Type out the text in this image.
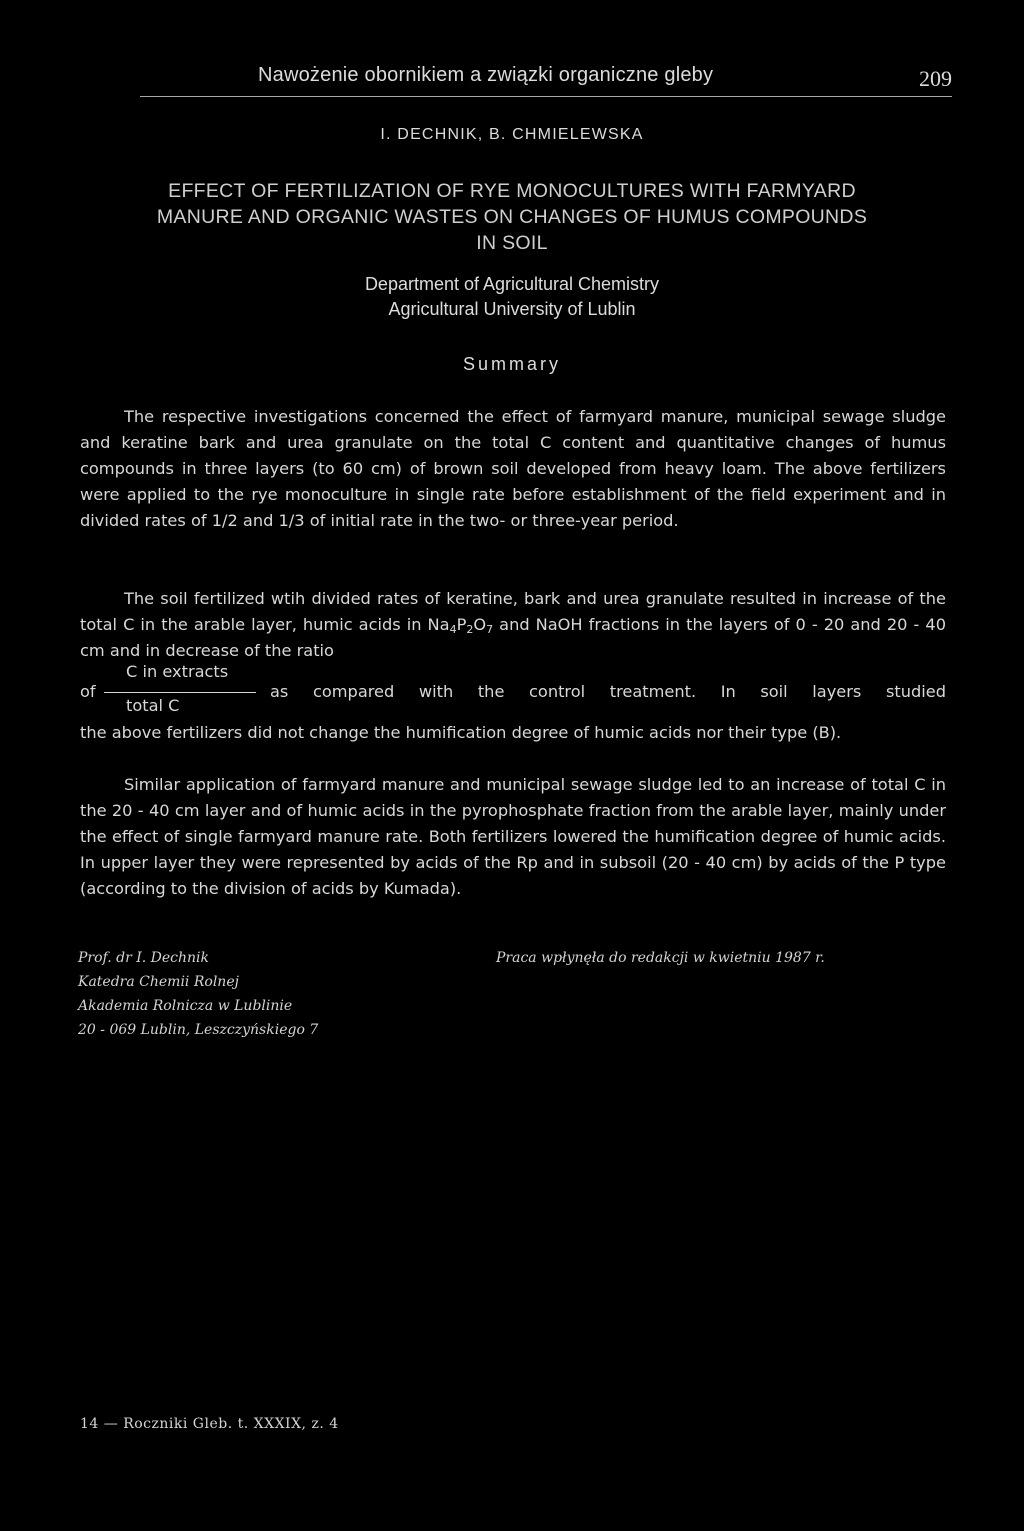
Nawożenie obornikiem a związki organiczne gleby	209
I. DECHNIK, B. CHMIELEWSKA
EFFECT OF FERTILIZATION OF RYE MONOCULTURES WITH FARMYARD
MANURE AND ORGANIC WASTES ON CHANGES OF HUMUS COMPOUNDS
IN SOIL
Department of Agricultural Chemistry
Agricultural University of Lublin
Summary

The respective investigations concerned the effect of farmyard manure, municipal sewage sludge and keratine bark and urea granulate on the total C content and quantitative changes of humus compounds in three layers (to 60 cm) of brown soil developed from heavy loam. The above fertilizers were applied to the rye monoculture in single rate before establishment of the field experiment and in divided rates of 1/2 and 1/3 of initial rate in the two- or three-year period.

The soil fertilized wtih divided rates of keratine, bark and urea granulate resulted in increase of the total C in the arable layer, humic acids in $Na_4P_2O_7$ and NaOH fractions in the layers of 0 - 20 and 20 - 40 cm and in decrease of the ratio

of
C in extracts
total C
as compared with the control treatment. In soil layers studied

the above fertilizers did not change the humification degree of humic acids nor their type (B).

Similar application of farmyard manure and municipal sewage sludge led to an increase of total C in the 20 - 40 cm layer and of humic acids in the pyrophosphate fraction from the arable layer, mainly under the effect of single farmyard manure rate. Both fertilizers lowered the humification degree of humic acids. In upper layer they were represented by acids of the Rp and in subsoil (20 - 40 cm) by acids of the P type (according to the division of acids by Kumada).

Prof. dr I. Dechnik
Katedra Chemii Rolnej
Akademia Rolnicza w Lublinie
20 - 069 Lublin, Leszczyńskiego 7
Praca wpłynęła do redakcji w kwietniu 1987 r.
14 — Roczniki Gleb. t. XXXIX, z. 4
